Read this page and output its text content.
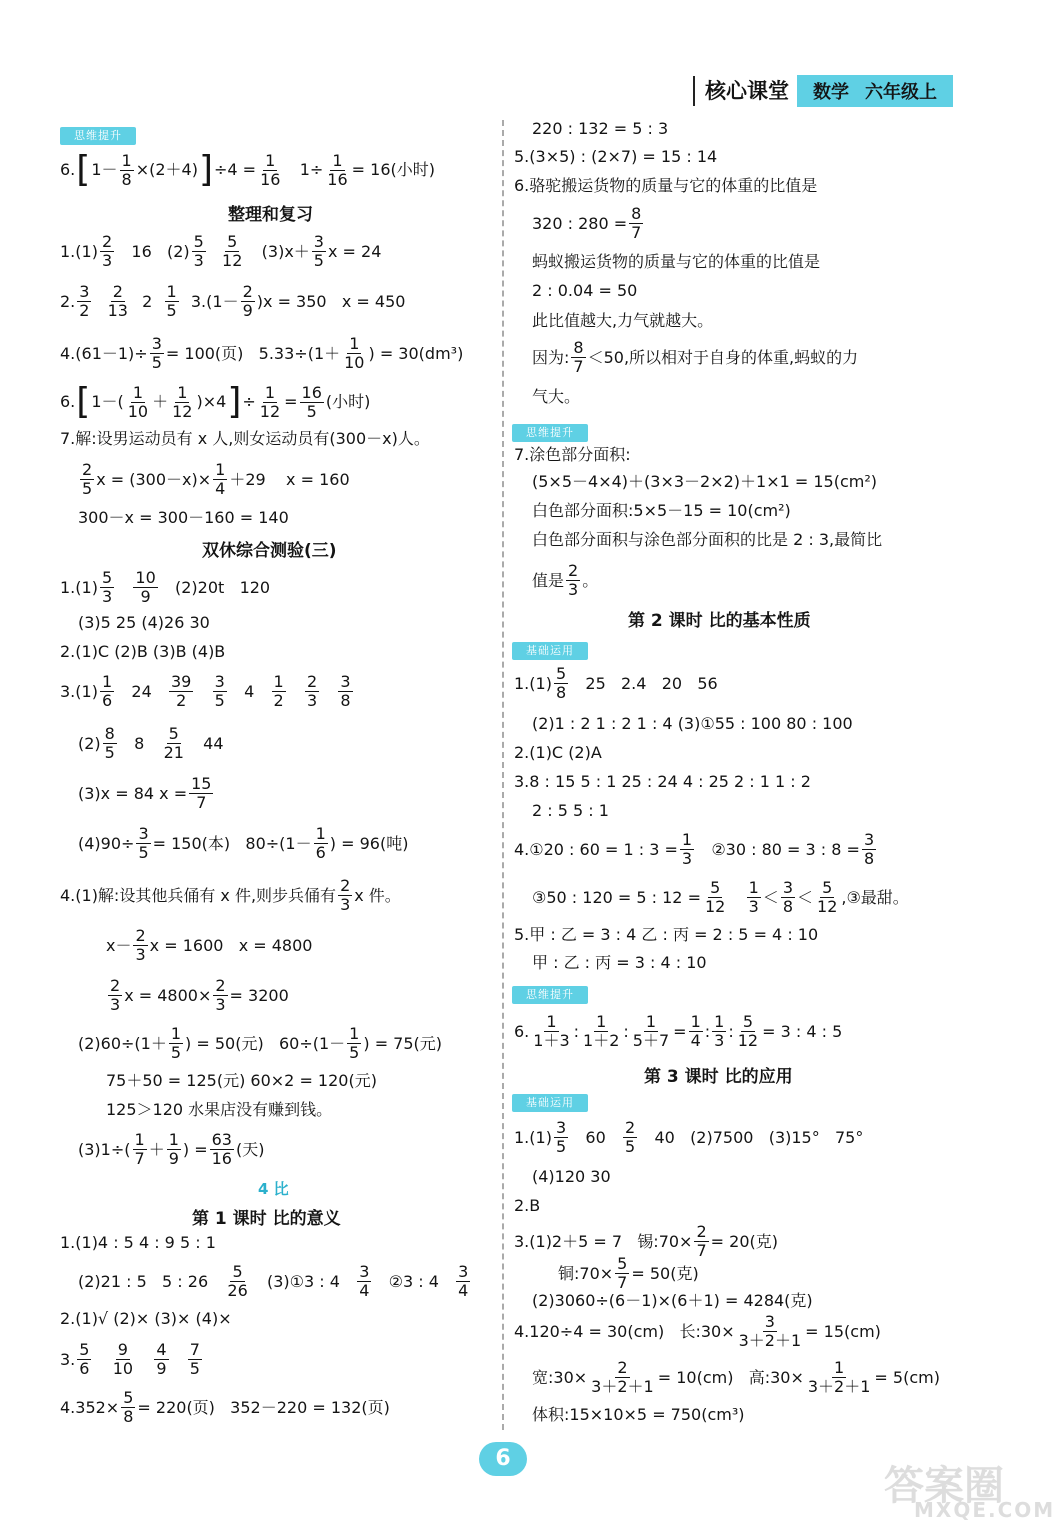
核心课堂	数学 六年级上
思维提升
6. [ 1－ 1
8 ×(2＋4) ] ÷4 = 1
16 1÷ 1
16 = 16(小时)
整理和复习
1.(1) 2
3 16   (2) 5
3

5
12 (3)x＋ 3
5 x = 24
2. 3
2

2
13 2 1
5 3.(1－ 2
9 )x = 350   x = 450
4.(61－1)÷ 3
5 = 100(页)   5.33÷(1＋ 1
10 ) = 30(dm³)
6. [ 1－( 1
10 ＋ 1
12 )×4 ] ÷ 1
12 = 16
5 (小时)
7.解:设男运动员有 x 人,则女运动员有(300－x)人。
2
5 x = (300－x)× 1
4 ＋29    x = 160
300－x = 300－160 = 140
双休综合测验(三)
1.(1) 5
3

10
9 (2)20t   120
(3)5 25 (4)26 30
2.(1)C (2)B (3)B (4)B
3.(1) 1
6 24 39
2

3
5 4 1
2

2
3

3
8
(2) 8
5 8 5
21 44
(3)x = 84 $x = \frac{15}{7}$
(4)90÷ 3
5 = 150(本)   80÷(1－ 1
6 ) = 96(吨)
4.(1)解:设其他兵俑有 x 件,则步兵俑有 2
3 x 件。
x－ 2
3 x = 1600   x = 4800
2
3 x = 4800× 2
3 = 3200
(2)60÷(1＋ 1
5 ) = 50(元)   60÷(1－ 1
5 ) = 75(元)
75＋50 = 125(元) 60×2 = 120(元)
125＞120 水果店没有赚到钱。
(3)1÷( 1
7 ＋ 1
9 ) = 63
16 (天)
4 比
第 1 课时 比的意义
1.(1)4 : 5 4 : 9 5 : 1
(2)21 : 5   5 : 26 5
26 (3)①3 : 4 3
4 ②3 : 4 3
4
2.(1)√ (2)× (3)× (4)×
3. 5
6

9
10

4
9

7
5
4.352× 5
8 = 220(页)   352－220 = 132(页)
220 : 132 = 5 : 3
5.(3×5) : (2×7) = 15 : 14
6.骆驼搬运货物的质量与它的体重的比值是
320 : 280 = 8
7
蚂蚁搬运货物的质量与它的体重的比值是
2 : 0.04 = 50
此比值越大,力气就越大。
因为: 8
7 ＜50,所以相对于自身的体重,蚂蚁的力
气大。
思维提升
7.涂色部分面积:
(5×5－4×4)＋(3×3－2×2)＋1×1 = 15(cm²)
白色部分面积:5×5－15 = 10(cm²)
白色部分面积与涂色部分面积的比是 2 : 3,最简比
值是 2
3 。
第 2 课时 比的基本性质
基础运用
1.(1) 5
8 25   2.4   20   56
(2)1 : 2 1 : 2 1 : 4 (3)①55 : 100 80 : 100
2.(1)C (2)A
3.8 : 15 5 : 1 25 : 24 4 : 25 2 : 1 1 : 2
2 : 5 5 : 1
4.①20 : 60 = 1 : 3 = 1
3 ②30 : 80 = 3 : 8 = 3
8
③50 : 120 = 5 : 12 = 5
12

1
3 ＜ 3
8 ＜ 5
12 ,③最甜。
5.甲 : 乙 = 3 : 4 乙 : 丙 = 2 : 5 = 4 : 10
甲 : 乙 : 丙 = 3 : 4 : 10
思维提升
6. 1
1＋3 : 1
1＋2 : 1
5＋7 = 1
4 : 1
3 : 5
12 = 3 : 4 : 5
第 3 课时 比的应用
基础运用
1.(1) 3
5 60 2
5 40   (2)7500   (3)15°   75°
(4)120 30
2.B
3.(1)2＋5 = 7   锡:70× 2
7 = 20(克)
铜:70× 5
7 = 50(克)
(2)3060÷(6－1)×(6＋1) = 4284(克)
4.120÷4 = 30(cm)   长:30× 3
3＋2＋1 = 15(cm)
宽:30× 2
3＋2＋1 = 10(cm)   高:30× 1
3＋2＋1 = 5(cm)
体积:15×10×5 = 750(cm³)
6
答案圈
MXQE.COM
